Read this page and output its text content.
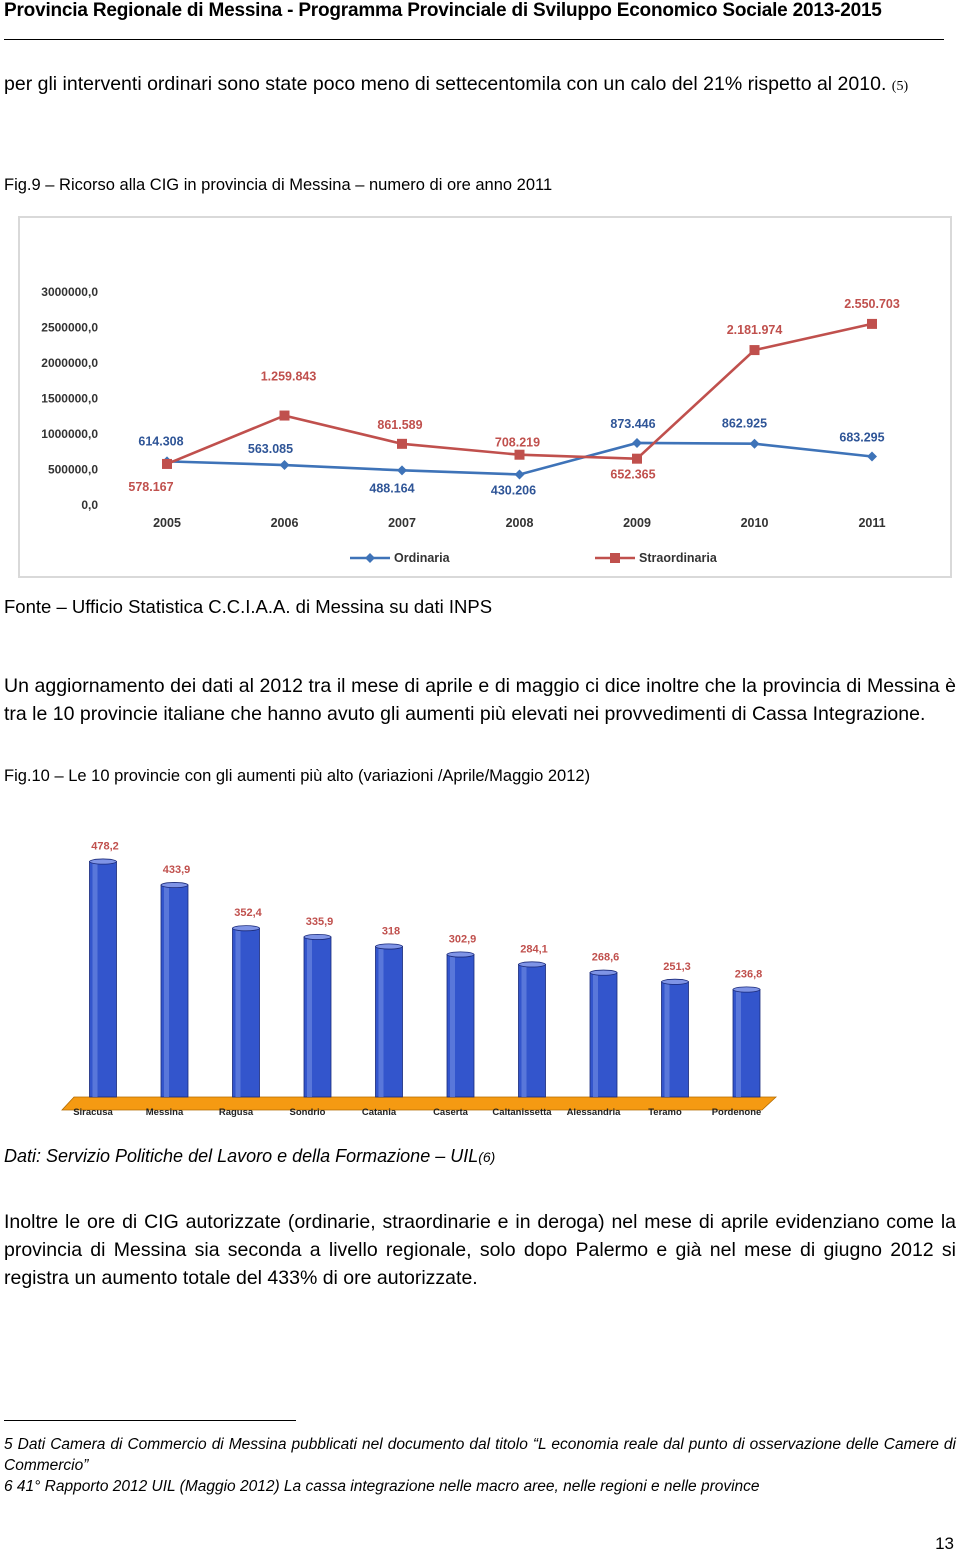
Provincia Regionale di Messina - Programma Provinciale di Sviluppo Economico Sociale 2013-2015
per gli interventi ordinari sono state poco meno di settecentomila con un calo del 21% rispetto al 2010. (5)
Fig.9 – Ricorso alla CIG in provincia di Messina – numero di ore anno 2011
0,0
500000,0
1000000,0
1500000,0
2000000,0
2500000,0
3000000,0
2005	2006	2007	2008	2009	2010	2011
614.308
563.085
488.164	430.206
873.446	862.925
683.295
578.167
1.259.843
861.589
708.219
652.365
2.181.974
2.550.703
Ordinaria	Straordinaria
Fonte – Ufficio Statistica C.C.I.A.A. di Messina su dati INPS
Un aggiornamento dei dati al 2012 tra il mese di aprile e di maggio ci dice inoltre che la provincia di Messina è tra le 10 provincie italiane che hanno avuto gli aumenti più elevati nei provvedimenti di Cassa Integrazione.
Fig.10 – Le 10 provincie con gli aumenti più alto (variazioni /Aprile/Maggio 2012)
478,2
Siracusa
433,9
Messina
352,4
Ragusa
335,9
Sondrio
318
Catania
302,9
Caserta
284,1
Caltanissetta
268,6
Alessandria
251,3
Teramo
236,8
Pordenone
Dati: Servizio Politiche del Lavoro e della Formazione – UIL(6)
Inoltre le ore di CIG autorizzate (ordinarie, straordinarie e in deroga) nel mese di aprile evidenziano come la provincia di Messina sia seconda a livello regionale, solo dopo Palermo e già nel mese di giugno 2012 si registra un aumento totale del 433% di ore autorizzate.
5 Dati Camera di Commercio di Messina pubblicati nel documento dal titolo “L economia reale dal punto di osservazione delle Camere di Commercio”
6 41° Rapporto 2012 UIL (Maggio 2012) La cassa integrazione nelle macro aree, nelle regioni e nelle province
13
